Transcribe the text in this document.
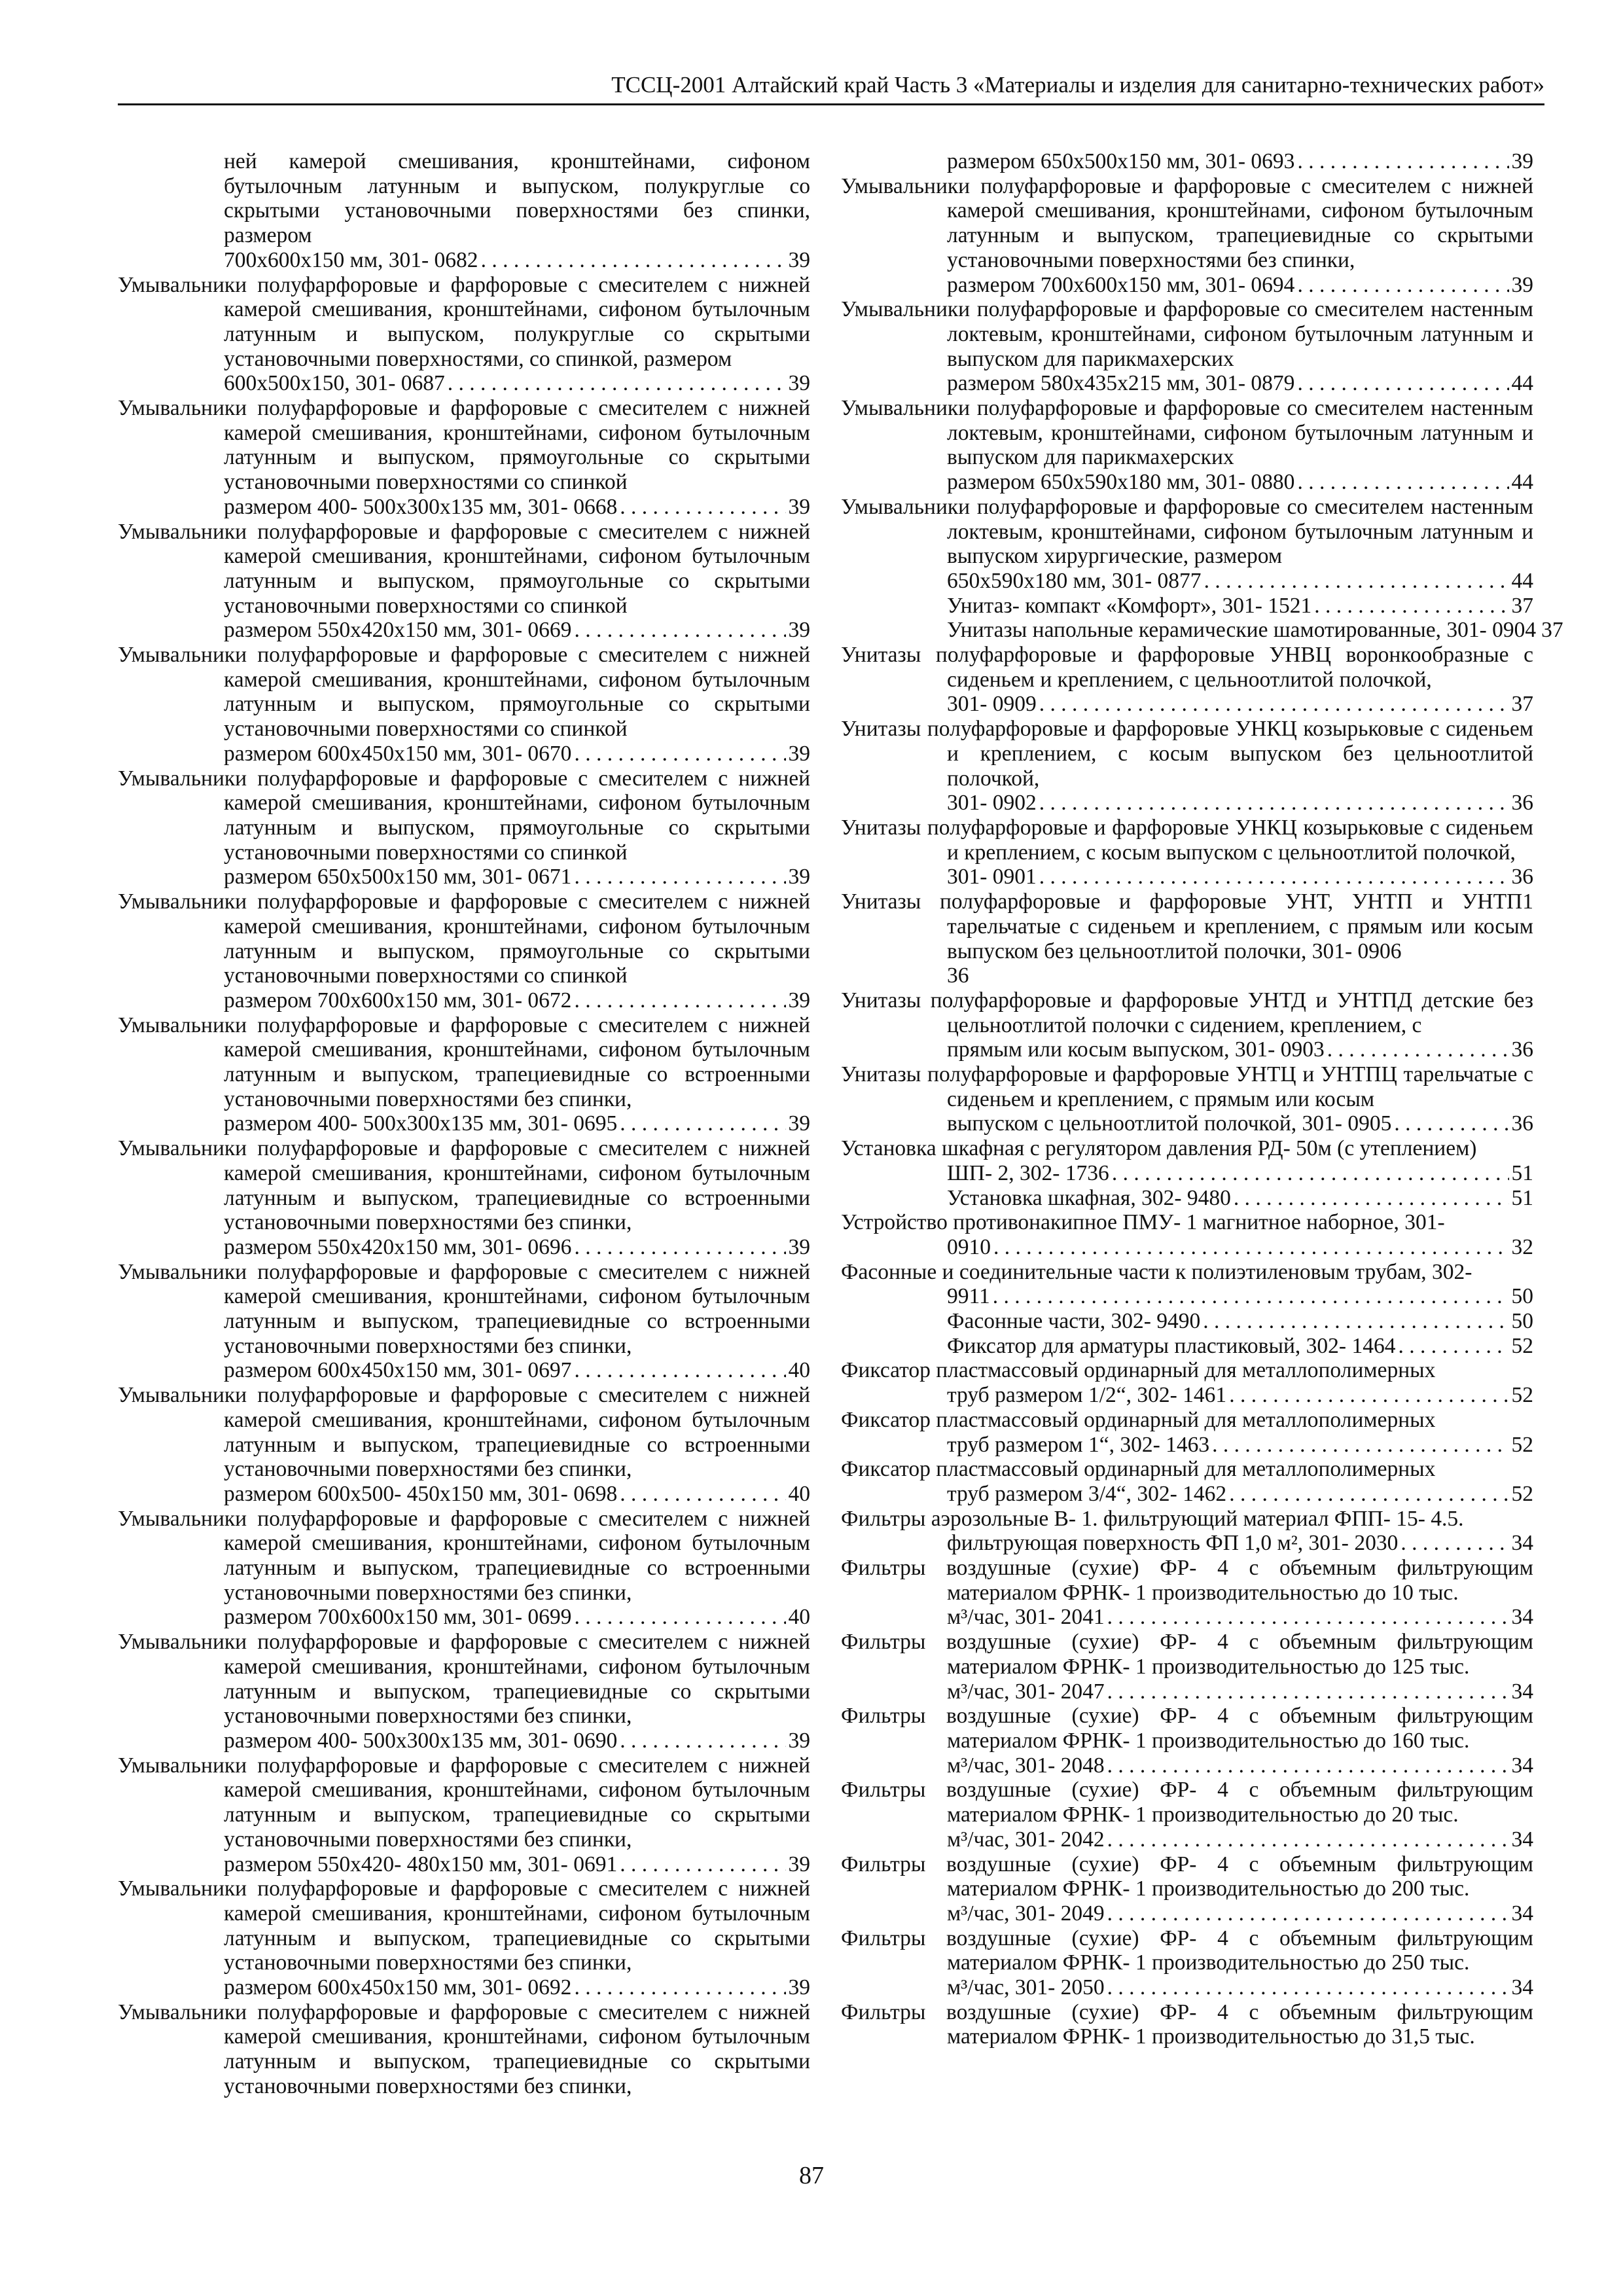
ТССЦ-2001 Алтайский край Часть 3 «Материалы и изделия для санитарно-технических работ»
ней камерой смешивания, кронштейнами, сифоном бутылочным латунным и выпуском, полукруглые со скрытыми установочными поверхностями без спинки, размером
700х600х150 мм, 301- 0682 . . .	39
Умывальники полуфарфоровые и фарфоровые с смесителем с нижней камерой смешивания, кронштейнами, сифоном бутылочным латунным и выпуском, полукруглые со скрытыми установочными поверхностями, со спинкой, размером
600х500х150, 301- 0687 . . .	39
Умывальники полуфарфоровые и фарфоровые с смесителем с нижней камерой смешивания, кронштейнами, сифоном бутылочным латунным и выпуском, прямоугольные со скрытыми установочными поверхностями со спинкой
размером 400- 500х300х135 мм, 301- 0668 . . .	39
Умывальники полуфарфоровые и фарфоровые с смесителем с нижней камерой смешивания, кронштейнами, сифоном бутылочным латунным и выпуском, прямоугольные со скрытыми установочными поверхностями со спинкой
размером 550х420х150 мм, 301- 0669 . . .	39
Умывальники полуфарфоровые и фарфоровые с смесителем с нижней камерой смешивания, кронштейнами, сифоном бутылочным латунным и выпуском, прямоугольные со скрытыми установочными поверхностями со спинкой
размером 600х450х150 мм, 301- 0670 . . .	39
Умывальники полуфарфоровые и фарфоровые с смесителем с нижней камерой смешивания, кронштейнами, сифоном бутылочным латунным и выпуском, прямоугольные со скрытыми установочными поверхностями со спинкой
размером 650х500х150 мм, 301- 0671 . . .	39
Умывальники полуфарфоровые и фарфоровые с смесителем с нижней камерой смешивания, кронштейнами, сифоном бутылочным латунным и выпуском, прямоугольные со скрытыми установочными поверхностями со спинкой
размером 700х600х150 мм, 301- 0672 . . .	39
Умывальники полуфарфоровые и фарфоровые с смесителем с нижней камерой смешивания, кронштейнами, сифоном бутылочным латунным и выпуском, трапециевидные со встроенными установочными поверхностями без спинки,
размером 400- 500х300х135 мм, 301- 0695 . . .	39
Умывальники полуфарфоровые и фарфоровые с смесителем с нижней камерой смешивания, кронштейнами, сифоном бутылочным латунным и выпуском, трапециевидные со встроенными установочными поверхностями без спинки,
размером 550х420х150 мм, 301- 0696 . . .	39
Умывальники полуфарфоровые и фарфоровые с смесителем с нижней камерой смешивания, кронштейнами, сифоном бутылочным латунным и выпуском, трапециевидные со встроенными установочными поверхностями без спинки,
размером 600х450х150 мм, 301- 0697 . . .	40
Умывальники полуфарфоровые и фарфоровые с смесителем с нижней камерой смешивания, кронштейнами, сифоном бутылочным латунным и выпуском, трапециевидные со встроенными установочными поверхностями без спинки,
размером 600х500- 450х150 мм, 301- 0698 . . .	40
Умывальники полуфарфоровые и фарфоровые с смесителем с нижней камерой смешивания, кронштейнами, сифоном бутылочным латунным и выпуском, трапециевидные со встроенными установочными поверхностями без спинки,
размером 700х600х150 мм, 301- 0699 . . .	40
Умывальники полуфарфоровые и фарфоровые с смесителем с нижней камерой смешивания, кронштейнами, сифоном бутылочным латунным и выпуском, трапециевидные со скрытыми установочными поверхностями без спинки,
размером 400- 500х300х135 мм, 301- 0690 . . .	39
Умывальники полуфарфоровые и фарфоровые с смесителем с нижней камерой смешивания, кронштейнами, сифоном бутылочным латунным и выпуском, трапециевидные со скрытыми установочными поверхностями без спинки,
размером 550х420- 480х150 мм, 301- 0691 . . .	39
Умывальники полуфарфоровые и фарфоровые с смесителем с нижней камерой смешивания, кронштейнами, сифоном бутылочным латунным и выпуском, трапециевидные со скрытыми установочными поверхностями без спинки,
размером 600х450х150 мм, 301- 0692 . . .	39
Умывальники полуфарфоровые и фарфоровые с смесителем с нижней камерой смешивания, кронштейнами, сифоном бутылочным латунным и выпуском, трапециевидные со скрытыми установочными поверхностями без спинки,
размером 650х500х150 мм, 301- 0693 . . .	39
Умывальники полуфарфоровые и фарфоровые с смесителем с нижней камерой смешивания, кронштейнами, сифоном бутылочным латунным и выпуском, трапециевидные со скрытыми установочными поверхностями без спинки,
размером 700х600х150 мм, 301- 0694 . . .	39
Умывальники полуфарфоровые и фарфоровые со смесителем настенным локтевым, кронштейнами, сифоном бутылочным латунным и выпуском для парикмахерских
размером 580х435х215 мм, 301- 0879 . . .	44
Умывальники полуфарфоровые и фарфоровые со смесителем настенным локтевым, кронштейнами, сифоном бутылочным латунным и выпуском для парикмахерских
размером 650х590х180 мм, 301- 0880 . . .	44
Умывальники полуфарфоровые и фарфоровые со смесителем настенным локтевым, кронштейнами, сифоном бутылочным латунным и выпуском хирургические, размером
650х590х180 мм, 301- 0877 . . .	44
Унитаз- компакт «Комфорт», 301- 1521 . . .	37
Унитазы напольные керамические шамотированные, 301- 0904 37
Унитазы полуфарфоровые и фарфоровые УНВЦ воронкообразные с сиденьем и креплением, с цельноотлитой полочкой,
301- 0909 . . .	37
Унитазы полуфарфоровые и фарфоровые УНКЦ козырьковые с сиденьем и креплением, с косым выпуском без цельноотлитой полочкой,
301- 0902 . . .	36
Унитазы полуфарфоровые и фарфоровые УНКЦ козырьковые с сиденьем и креплением, с косым выпуском с цельноотлитой полочкой,
301- 0901 . . .	36
Унитазы полуфарфоровые и фарфоровые УНТ, УНТП и УНТП1 тарельчатые с сиденьем и креплением, с прямым или косым выпуском без цельноотлитой полочки, 301- 0906
36
Унитазы полуфарфоровые и фарфоровые УНТД и УНТПД детские без цельноотлитой полочки с сидением, креплением, с
прямым или косым выпуском, 301- 0903 . . .	36
Унитазы полуфарфоровые и фарфоровые УНТЦ и УНТПЦ тарельчатые с сиденьем и креплением, с прямым или косым
выпуском с цельноотлитой полочкой, 301- 0905 . . .	36
Установка шкафная с регулятором давления РД- 50м (с утеплением)
ШП- 2, 302- 1736 . . .	51
Установка шкафная, 302- 9480 . . .	51
Устройство противонакипное ПМУ- 1 магнитное наборное, 301-
0910 . . .	32
Фасонные и соединительные части к полиэтиленовым трубам, 302-
9911 . . .	50
Фасонные части, 302- 9490 . . .	50
Фиксатор для арматуры пластиковый, 302- 1464 . . .	52
Фиксатор пластмассовый ординарный для металлополимерных
труб размером 1/2“, 302- 1461 . . .	52
Фиксатор пластмассовый ординарный для металлополимерных
труб размером 1“, 302- 1463 . . .	52
Фиксатор пластмассовый ординарный для металлополимерных
труб размером 3/4“, 302- 1462 . . .	52
Фильтры аэрозольные В- 1. фильтрующий материал ФПП- 15- 4.5.
фильтрующая поверхность ФП 1,0 м², 301- 2030 . . .	34
Фильтры воздушные (сухие) ФР- 4 с объемным фильтрующим материалом ФРНК- 1 производительностью до 10 тыс.
м³/час, 301- 2041 . . .	34
Фильтры воздушные (сухие) ФР- 4 с объемным фильтрующим материалом ФРНК- 1 производительностью до 125 тыс.
м³/час, 301- 2047 . . .	34
Фильтры воздушные (сухие) ФР- 4 с объемным фильтрующим материалом ФРНК- 1 производительностью до 160 тыс.
м³/час, 301- 2048 . . .	34
Фильтры воздушные (сухие) ФР- 4 с объемным фильтрующим материалом ФРНК- 1 производительностью до 20 тыс.
м³/час, 301- 2042 . . .	34
Фильтры воздушные (сухие) ФР- 4 с объемным фильтрующим материалом ФРНК- 1 производительностью до 200 тыс.
м³/час, 301- 2049 . . .	34
Фильтры воздушные (сухие) ФР- 4 с объемным фильтрующим материалом ФРНК- 1 производительностью до 250 тыс.
м³/час, 301- 2050 . . .	34
Фильтры воздушные (сухие) ФР- 4 с объемным фильтрующим материалом ФРНК- 1 производительностью до 31,5 тыс.
87
